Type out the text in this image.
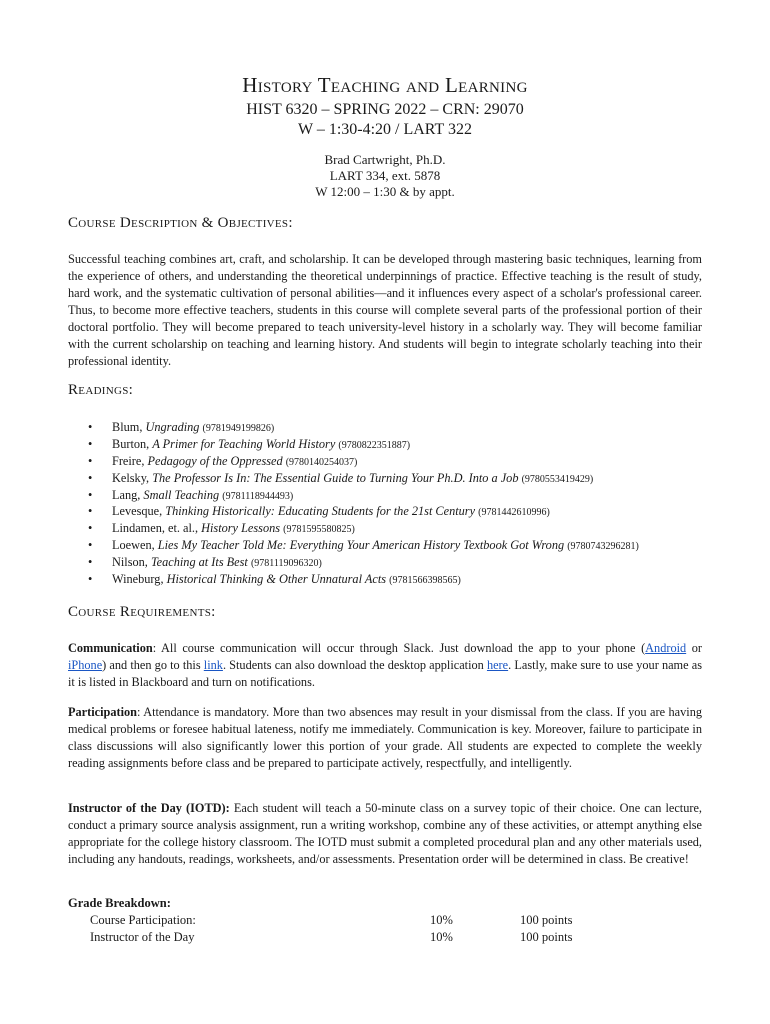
History Teaching and Learning
HIST 6320 – SPRING 2022 – CRN: 29070
W – 1:30-4:20 / LART 322
Brad Cartwright, Ph.D.
LART 334, ext. 5878
W 12:00 – 1:30 & by appt.
Course Description & Objectives:
Successful teaching combines art, craft, and scholarship. It can be developed through mastering basic techniques, learning from the experience of others, and understanding the theoretical underpinnings of practice. Effective teaching is the result of study, hard work, and the systematic cultivation of personal abilities—and it influences every aspect of a scholar's professional career. Thus, to become more effective teachers, students in this course will complete several parts of the professional portion of their doctoral portfolio. They will become prepared to teach university-level history in a scholarly way. They will become familiar with the current scholarship on teaching and learning history. And students will begin to integrate scholarly teaching into their professional identity.
Readings:
• Blum, Ungrading (9781949199826)
• Burton, A Primer for Teaching World History (9780822351887)
• Freire, Pedagogy of the Oppressed (9780140254037)
• Kelsky, The Professor Is In: The Essential Guide to Turning Your Ph.D. Into a Job (9780553419429)
• Lang, Small Teaching (9781118944493)
• Levesque, Thinking Historically: Educating Students for the 21st Century (9781442610996)
• Lindamen, et. al., History Lessons (9781595580825)
• Loewen, Lies My Teacher Told Me: Everything Your American History Textbook Got Wrong (9780743296281)
• Nilson, Teaching at Its Best (9781119096320)
• Wineburg, Historical Thinking & Other Unnatural Acts (9781566398565)
Course Requirements:
Communication: All course communication will occur through Slack. Just download the app to your phone (Android or iPhone) and then go to this link. Students can also download the desktop application here. Lastly, make sure to use your name as it is listed in Blackboard and turn on notifications.
Participation: Attendance is mandatory. More than two absences may result in your dismissal from the class. If you are having medical problems or foresee habitual lateness, notify me immediately. Communication is key. Moreover, failure to participate in class discussions will also significantly lower this portion of your grade. All students are expected to complete the weekly reading assignments before class and be prepared to participate actively, respectfully, and intelligently.
Instructor of the Day (IOTD): Each student will teach a 50-minute class on a survey topic of their choice. One can lecture, conduct a primary source analysis assignment, run a writing workshop, combine any of these activities, or attempt anything else appropriate for the college history classroom. The IOTD must submit a completed procedural plan and any other materials used, including any handouts, readings, worksheets, and/or assessments. Presentation order will be determined in class. Be creative!
Grade Breakdown:
Course Participation:	10%	100 points
Instructor of the Day	10%	100 points
